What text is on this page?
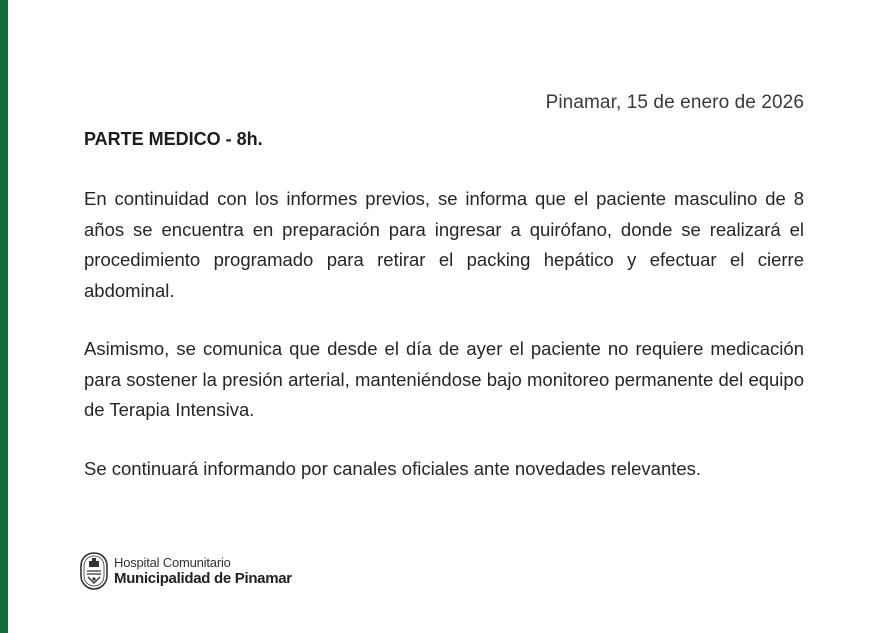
Pinamar, 15 de enero de 2026
PARTE MEDICO - 8h.

En continuidad con los informes previos, se informa que el paciente masculino de 8 años se encuentra en preparación para ingresar a quirófano, donde se realizará el procedimiento programado para retirar el packing hepático y efectuar el cierre abdominal.

Asimismo, se comunica que desde el día de ayer el paciente no requiere medicación para sostener la presión arterial, manteniéndose bajo monitoreo permanente del equipo de Terapia Intensiva.

Se continuará informando por canales oficiales ante novedades relevantes.

Hospital Comunitario
Municipalidad de Pinamar
